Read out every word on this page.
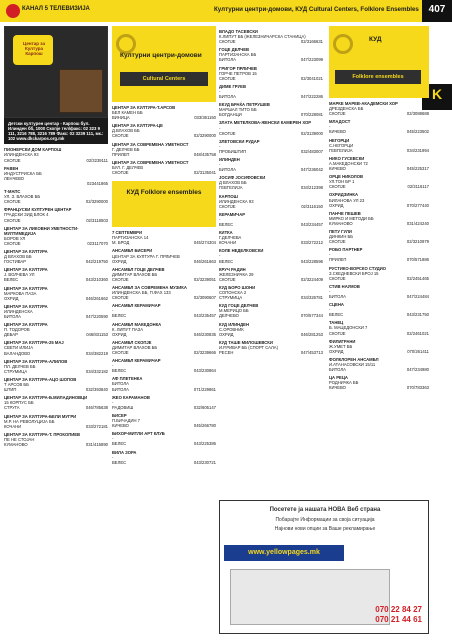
КАНАЛ 5 ТЕЛЕВИЗИЈА	Културни центри-домови, КУД Cultural Centers, Folklore Ensembles 407
K
Центар за Култура Карпош
Детски културен центар - Карпош бул. Илинден бб, 1000 Скопје тел/факс: 02 323 9 111, 3216 788, 3216 789 Факс: 02 3239 111, мк.: 102 www.dkckarpos.org.mk
ПИОНЕРСКИ ДОМ КАРПОШ
ИЛИНДЕНСКА 93
СКОПЈЕ	02/3239111
РАВЕН
ИНДУСТРИСКА ББ
ЛЕНЧЕВО
023441865
Т-МАПС
УЛ. З. ВЛАХОВ ББ
СКОПЈЕ	02/3290000
ФРАНЦУСКИ КУЛТУРЕН ЦЕНТАР
ГРАДСКИ ЗИД БЛОК 4
СКОПЈЕ	02/3118503
ЦЕНТАР ЗА ЛИКОВНИ УМЕТНОСТИ-МУЛТИМЕДИЈА
БОРОВ УЛ
СКОПЈЕ	023117070
ЦЕНТАР ЗА КУЛТУРА
Д ВЛАХОВ ББ
ГОСТИВАР	042/219750
ЦЕНТАР ЗА КУЛТУРА
Ј. ВОЛЧЕВА УЛ
ВЕЛЕС	043/210360
ЦЕНТАР ЗА КУЛТУРА
МАРКОВА ПАЗА
ОХРИД	046/261662
ЦЕНТАР ЗА КУЛТУРА
ИЛИНДЕНСКА
БИТОЛА	047/220590
ЦЕНТАР ЗА КУЛТУРА
П. ТОДОРОВ
ДЕБАР	046/831153
ЦЕНТАР ЗА КУЛТУРА-25 МАЈ
СВЕТИ ИЛИЈА
ВАЛАНДОВО	034/382219
ЦЕНТАР ЗА КУЛТУРА-АЛИЛОВ
ПЛ. ДЕЛЧЕВ ББ
СТРУМИЦА	034/332182
ЦЕНТАР ЗА КУЛТУРА-АЦО ШОПОВ
Т АРСОВ ББ
ШТИП	032/393840
ЦЕНТАР ЗА КУЛТУРА-Б.МИЛАДИНОВЦИ
15 КОРПУС ББ
СТРУГА	046/785638
ЦЕНТАР ЗА КУЛТУРА-БЕЛИ МУГРИ
М.Р. НА РЕВОЛУЦИЈА ББ
КОЧАНИ	033/272181
ЦЕНТАР ЗА КУЛТУРА-Т. ПРОКОПИЕВ
ПЕ НЕ СТОЈАН
КУМАНОВО	031/415890
Културни центри-домови
Cultural Centers
ЦЕНТАР ЗА КУЛТУРА-Т.АРСОВ
БЕЛ КАМЕН ББ
ВИНИЦА	033/361150
ЦЕНТАР ЗА КУЛТУРА-ЦЕ
Д.ВЛАХОВ ББ
СКОПЈЕ	02/3290000
ЦЕНТАР ЗА СОВРЕМЕНА УМЕТНОСТ
Г. ДЕЛЧЕВ ББ
ПРИЛЕП	048/435758
ЦЕНТАР ЗА СОВРЕМЕНА УМЕТНОСТ
БУЛ. Г. ДЕЛЧЕВ
СКОПЈЕ	02/3135041
КУД Folklore ensembles
7 СЕПТЕМВРИ
ПАРТИЗАНСКА 14
М. БРОД	045/274304
АНСАМБЛ БИСЕРИ
ЦЕНТАР ЗА КУЛТУРА Г. ПРЛИЧЕВ
ОХРИД	046/261663
АНСАМБЛ ГОЦЕ ДЕЛЧЕВ
ДИМИТАР ВЛАХОВ ББ
СКОПЈЕ	02/3239051
АНСАМБЛ ЗА СОВРЕМЕНА МУЗИКА
ИЛИНДЕНСКА ББ, П.ФАХ 133
СКОПЈЕ	02/3090607
АНСАМБЛ КЕРАМИЧАР
-
ВЕЛЕС	043/235457
АНСАМБЛ МАКЕДОНКА
К. ЛИПУТ ПАЗА
ОХРИД	046/230835
АНСАМБЛ СКОПЈЕ
ДИМИТАР ВЛАХОВ ББ
СКОПЈЕ	02/3239666
АНСАМБЛ КЕРАМИЧАР
-
ВЕЛЕС	043/230864
АФ ПЛЕТЕНКА
БИТОЛА
БИТОЛА	071/229861
ЖЕО КАРАМАНОВ
-
РАДОВИШ	032/605147
БИСЕР
П.БИЧАДИН 7
КИЧЕВО	045/266780
БИХОР-МИТЛИ АРТ КЛУБ
-
ВЕЛЕС	043/225386
ВИЛА ЗОРА
-
ВЕЛЕС	043/230721
ВЛАДО ТАСЕВСКИ
К.ЛИПУТ ББ (ЖЕЛЕЗНИЧАРСКА СТАНИЦА)
СКОПЈЕ	02/3166631
ГОЦЕ ДЕЛЧЕВ
ПАРТИЗАНСКА ББ
БИТОЛА	047/223099
ГРИГОР ПРЛИЧЕВ
ГОРЧЕ ПЕТРОВ 15
СКОПЈЕ	02/3041021
ДИМЕ ГРУЕВ
-
БИТОЛА	047/222286
ЕКУД БРАЌА ПЕТРУШЕВ
МАРШАЛ ТИТО ББ
БОГДАНЦИ	070/228081
ЗЛАТА МЕТЕЛКОВА-ЖЕНСКИ КАМЕРЕН ХОР
-
СКОПЈЕ	02/3139000
ЗЛЕТОВСКИ РУДАР
-
ПРОБИШТИП	032/483007
ИЛИНДЕН
-
БИТОЛА	047/236042
ЈОСИФ ЈОСИФОВСКИ
Д ВЛАХОВ ББ
ГЕВГЕЛИЈА	034/212398
КАРПОШ
ИЛИНДЕНСКА 93
СКОПЈЕ	02/3116150
КЕРАМИЧАР
-
ВЕЛЕС	043/234457
КИТКА
Г.ДЕЛЧЕВА
КОЧАНИ	033/272212
КОЛЕ НЕДЕЛКОВСКИ
-
ВЕЛЕС	043/228596
КРУЧ РАДИН
ЖЕЛЕЗНИЧКА 29
СКОПЈЕ	02/3224409
КУД БОРО ШОНИ
СОПОНСКА 2
СТРУМИЦА	034/326781
КУД ГОЦЕ ДЕЛЧЕВ
М.МЕРИЦО ББ
ДЕЛЧЕВО	070/577344
КУД ИЛИНДЕН
С.ОРОВНИК
ОХРИД	046/281253
КУД ТАШЕ МИЛОШЕВСКИ
И.Р.РИВАР ББ (СПОРТ САЛА)
РЕСЕН	047/453713
КУД
Folklore ensembles
МАРКЕ МАРЕВ-АКАДЕМСКИ ХОР
ДРЕЗДЕНСКА ББ
СКОПЈЕ	02/3088688
МЛАДОСТ
-
КИЧЕВО	045/223502
НЕГОРЦИ
С.НЕГОРЦИ
ГЕВГЕЛИЈА	034/231994
НИКО ГУСЕВСКИ
А.МАКЕДОНСКИ 72
КИЧЕВО	045/225317
ОРЦЕ НИКОЛОВ
УЛ.ТОН БР 1
СКОПЈЕ	02/3116117
ОХРИДЗИНКА
БИЛАНОВА УЛ 23
ОХРИД	070/277440
ПАНЧЕ ПЕШЕВ
МИРКО И МЕТОДИ ББ
КУМАНОВО	031/424240
ПЕТУ ГУЛИ
ДИНКИН ББ
СКОПЈЕ	02/3210979
РОБО ПАРТНЕР
-
ПРИЛЕП	070/571886
РУСТИКО-ВОРСКО СТУДИО
З.СКЕДНЕВСКИ БРОЈ 15
СКОПЈЕ	02/2451465
СТИВ НАУМОВ
-
БИТОЛА	047/224484
СЦЕНА
-
ВЕЛЕС	043/231750
ТАНЕЦ
Б. МАЦЕДОНСКИ 7
СКОПЈЕ	02/2461021
ФИЛИГРАНИ
Ж.УМЕТ ББ
ОХРИД	070/261411
ФОЛКЛОРЕН АНСАМБЛ
И.АТАНАСОВСКИ 15/11
БИТОЛА	047/234980
ЦА РЕЦА
РОДНИЧКА ББ
КИЧЕВО	070/783363
Посетете ја нашата НОВА Веб страна
Побарајте Информации за своја ситуација
Најнови нови опции за Ваше рекламирање
www.yellowpages.mk
070 22 84 27
070 21 44 61
